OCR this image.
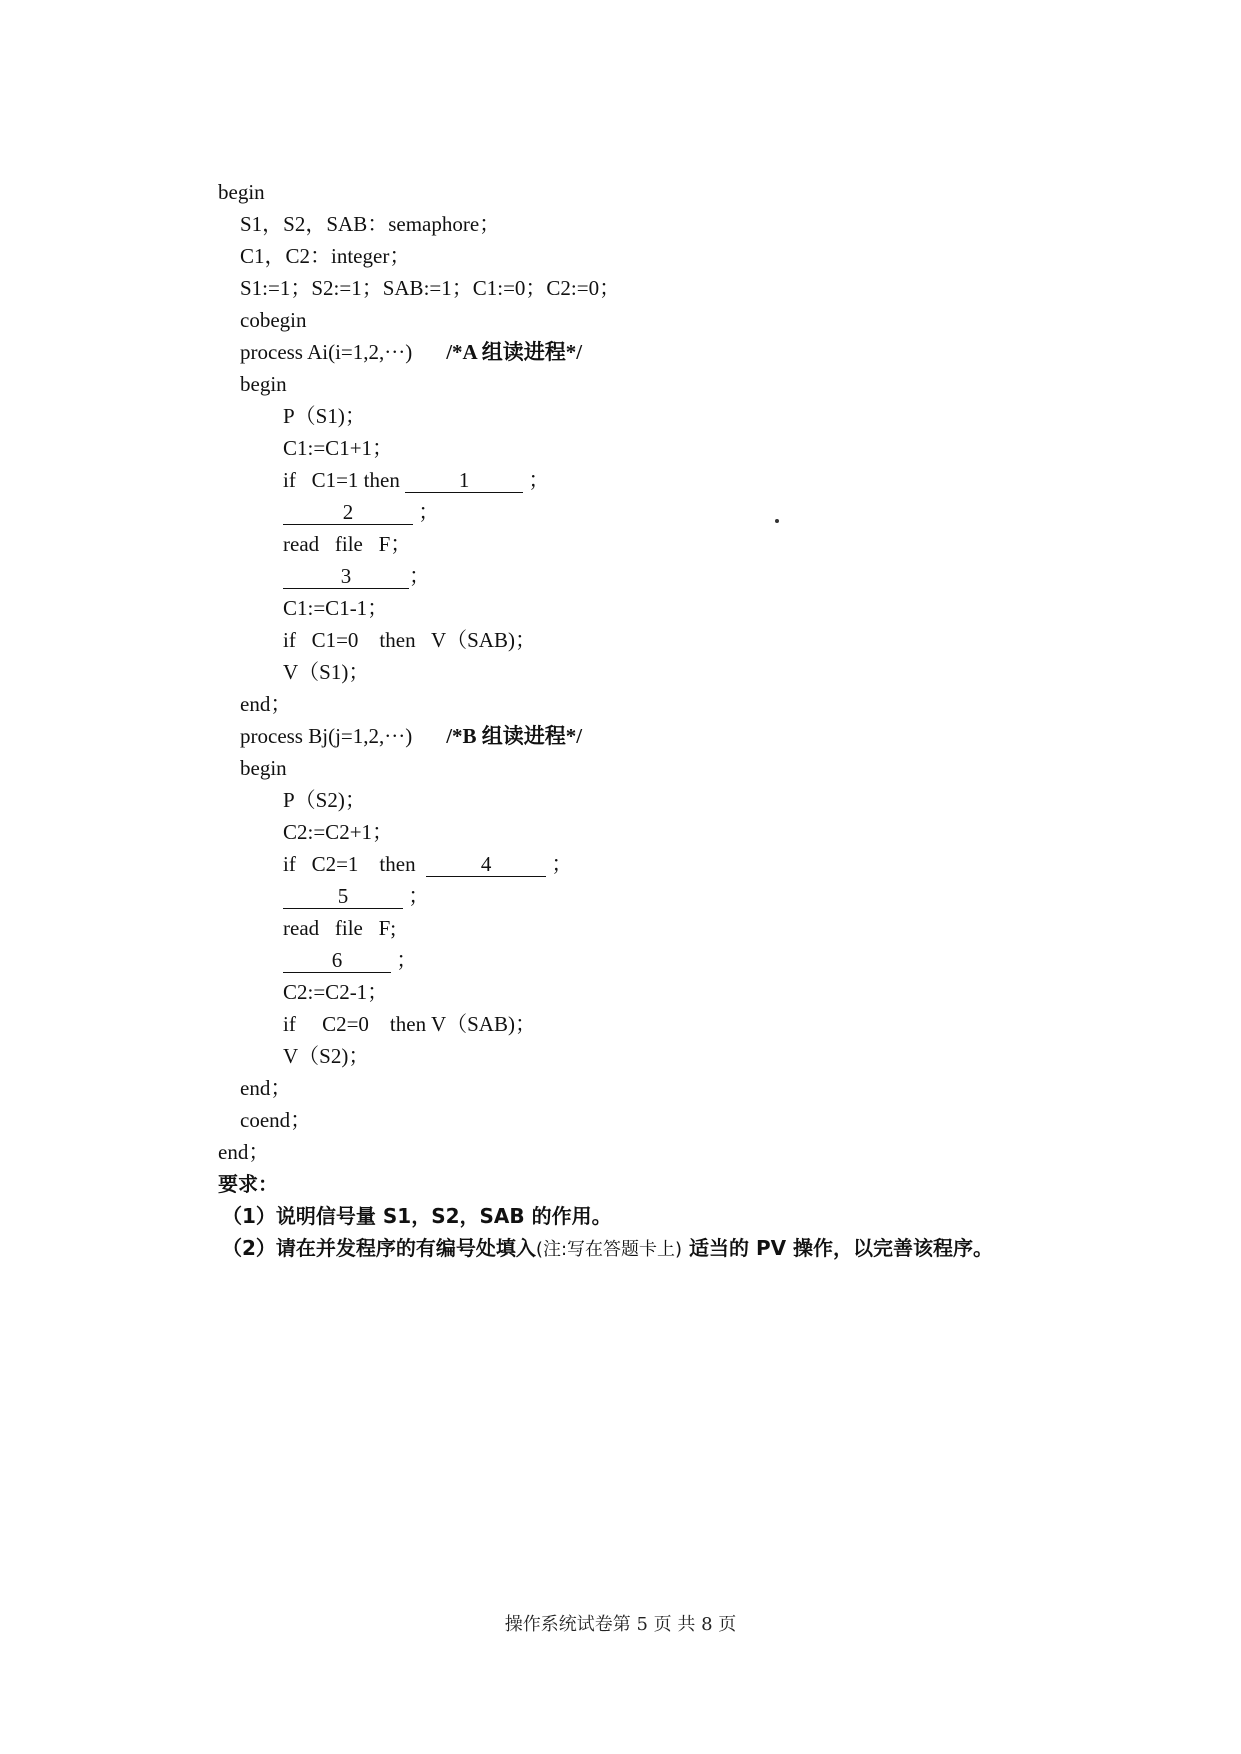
begin
S1，S2，SAB：semaphore；
C1，C2：integer；
S1:=1；S2:=1；SAB:=1；C1:=0；C2:=0；
cobegin
process Ai(i=1,2,···) /*A 组读进程*/
begin
P（S1)；
C1:=C1+1；
if   C1=1 then	1	；
2	；
read   file   F；
3	；
C1:=C1-1；
if   C1=0    then   V（SAB)；
V（S1)；
end；
process Bj(j=1,2,···) /*B 组读进程*/
begin
P（S2)；
C2:=C2+1；
if   C2=1    then	4	；
5	；
read   file   F;
6 ；
C2:=C2-1；
if     C2=0    then V（SAB)；
V（S2)；
end；
coend；
end；
要求：
（1）说明信号量 S1，S2，SAB 的作用。
（2）请在并发程序的有编号处填入(注:写在答题卡上) 适当的 PV 操作，以完善该程序。
操作系统试卷第 5 页 共 8 页
